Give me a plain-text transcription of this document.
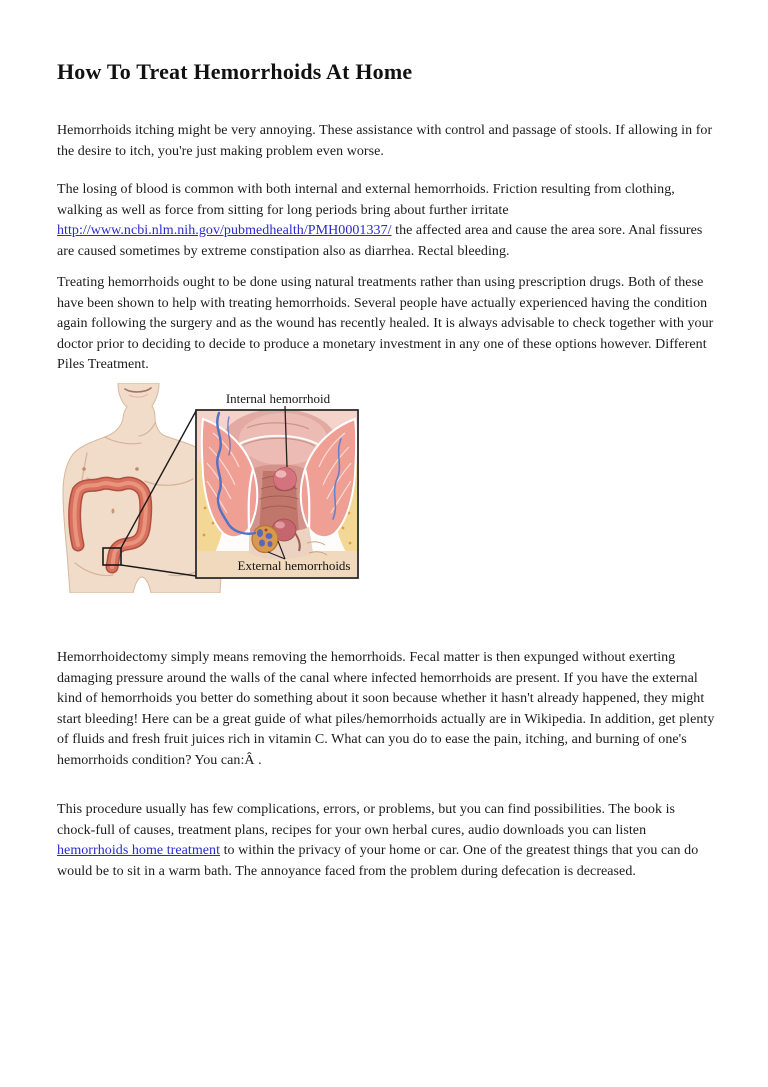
How To Treat Hemorrhoids At Home

Hemorrhoids itching might be very annoying. These assistance with control and passage of stools. If allowing in for the desire to itch, you're just making problem even worse.

The losing of blood is common with both internal and external hemorrhoids. Friction resulting from clothing, walking as well as force from sitting for long periods bring about further irritate http://www.ncbi.nlm.nih.gov/pubmedhealth/PMH0001337/ the affected area and cause the area sore. Anal fissures are caused sometimes by extreme constipation also as diarrhea. Rectal bleeding.

Treating hemorrhoids ought to be done using natural treatments rather than using prescription drugs. Both of these have been shown to help with treating hemorrhoids. Several people have actually experienced having the condition again following the surgery and as the wound has recently healed. It is always advisable to check together with your doctor prior to deciding to decide to produce a monetary investment in any one of these options however. Different Piles Treatment.

Internal hemorrhoid
External hemorrhoids

Hemorrhoidectomy simply means removing the hemorrhoids. Fecal matter is then expunged without exerting damaging pressure around the walls of the canal where infected hemorrhoids are present. If you have the external kind of hemorrhoids you better do something about it soon because whether it hasn't already happened, they might start bleeding! Here can be a great guide of what piles/hemorrhoids actually are in Wikipedia. In addition, get plenty of fluids and fresh fruit juices rich in vitamin C. What can you do to ease the pain, itching, and burning of one's hemorrhoids condition? You can:Â .

This procedure usually has few complications, errors, or problems, but you can find possibilities. The book is chock-full of causes, treatment plans, recipes for your own herbal cures, audio downloads you can listen hemorrhoids home treatment to within the privacy of your home or car. One of the greatest things that you can do would be to sit in a warm bath. The annoyance faced from the problem during defecation is decreased.
